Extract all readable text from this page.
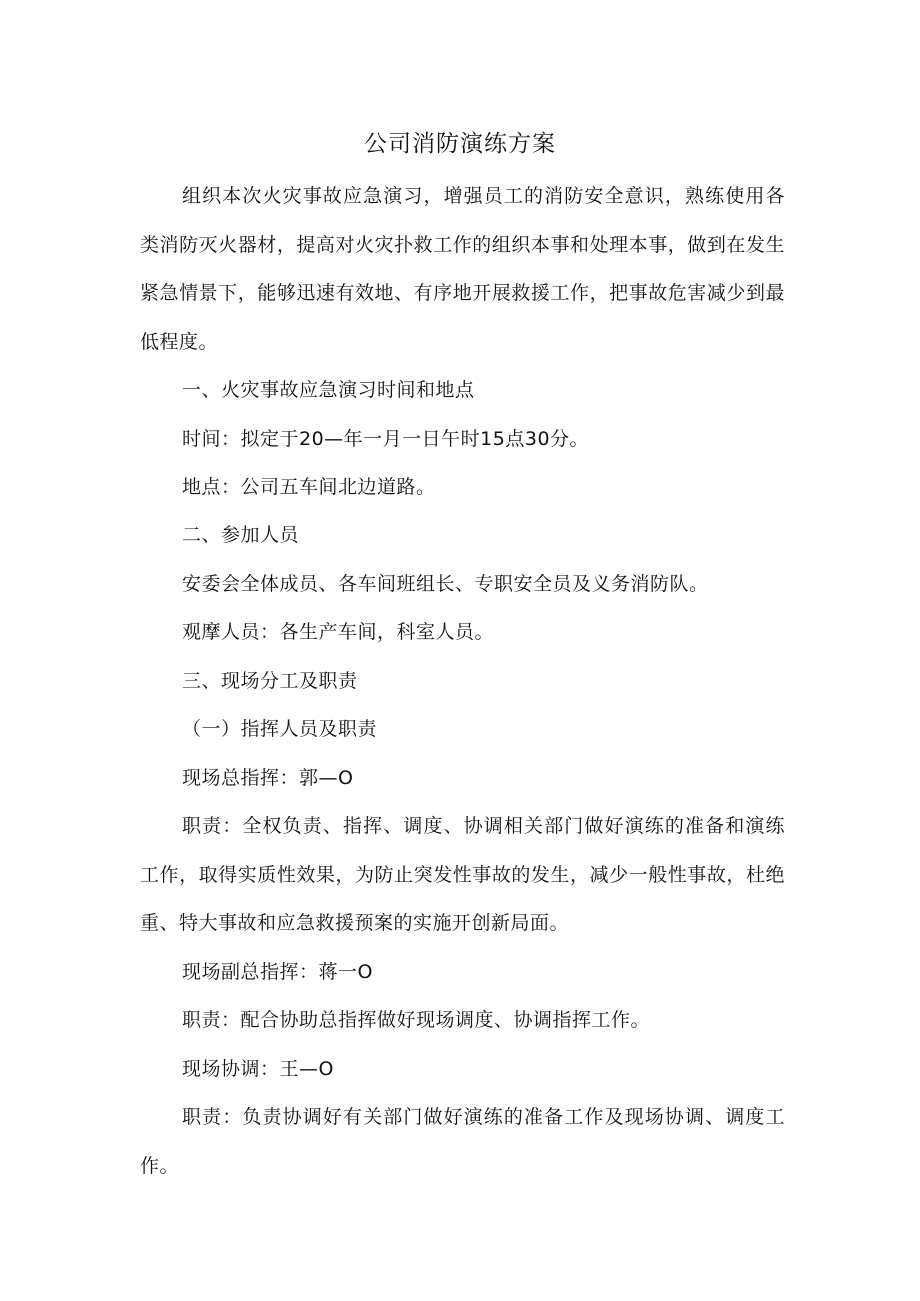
公司消防演练方案

组织本次火灾事故应急演习，增强员工的消防安全意识，熟练使用各类消防灭火器材，提高对火灾扑救工作的组织本事和处理本事，做到在发生紧急情景下，能够迅速有效地、有序地开展救援工作，把事故危害减少到最低程度。

一、火灾事故应急演习时间和地点

时间：拟定于20—年一月一日午时15点30分。

地点：公司五车间北边道路。

二、参加人员

安委会全体成员、各车间班组长、专职安全员及义务消防队。

观摩人员：各生产车间，科室人员。

三、现场分工及职责

（一）指挥人员及职责

现场总指挥：郭—O

职责：全权负责、指挥、调度、协调相关部门做好演练的准备和演练工作，取得实质性效果，为防止突发性事故的发生，减少一般性事故，杜绝重、特大事故和应急救援预案的实施开创新局面。

现场副总指挥：蒋一O

职责：配合协助总指挥做好现场调度、协调指挥工作。

现场协调：王—O

职责：负责协调好有关部门做好演练的准备工作及现场协调、调度工作。
